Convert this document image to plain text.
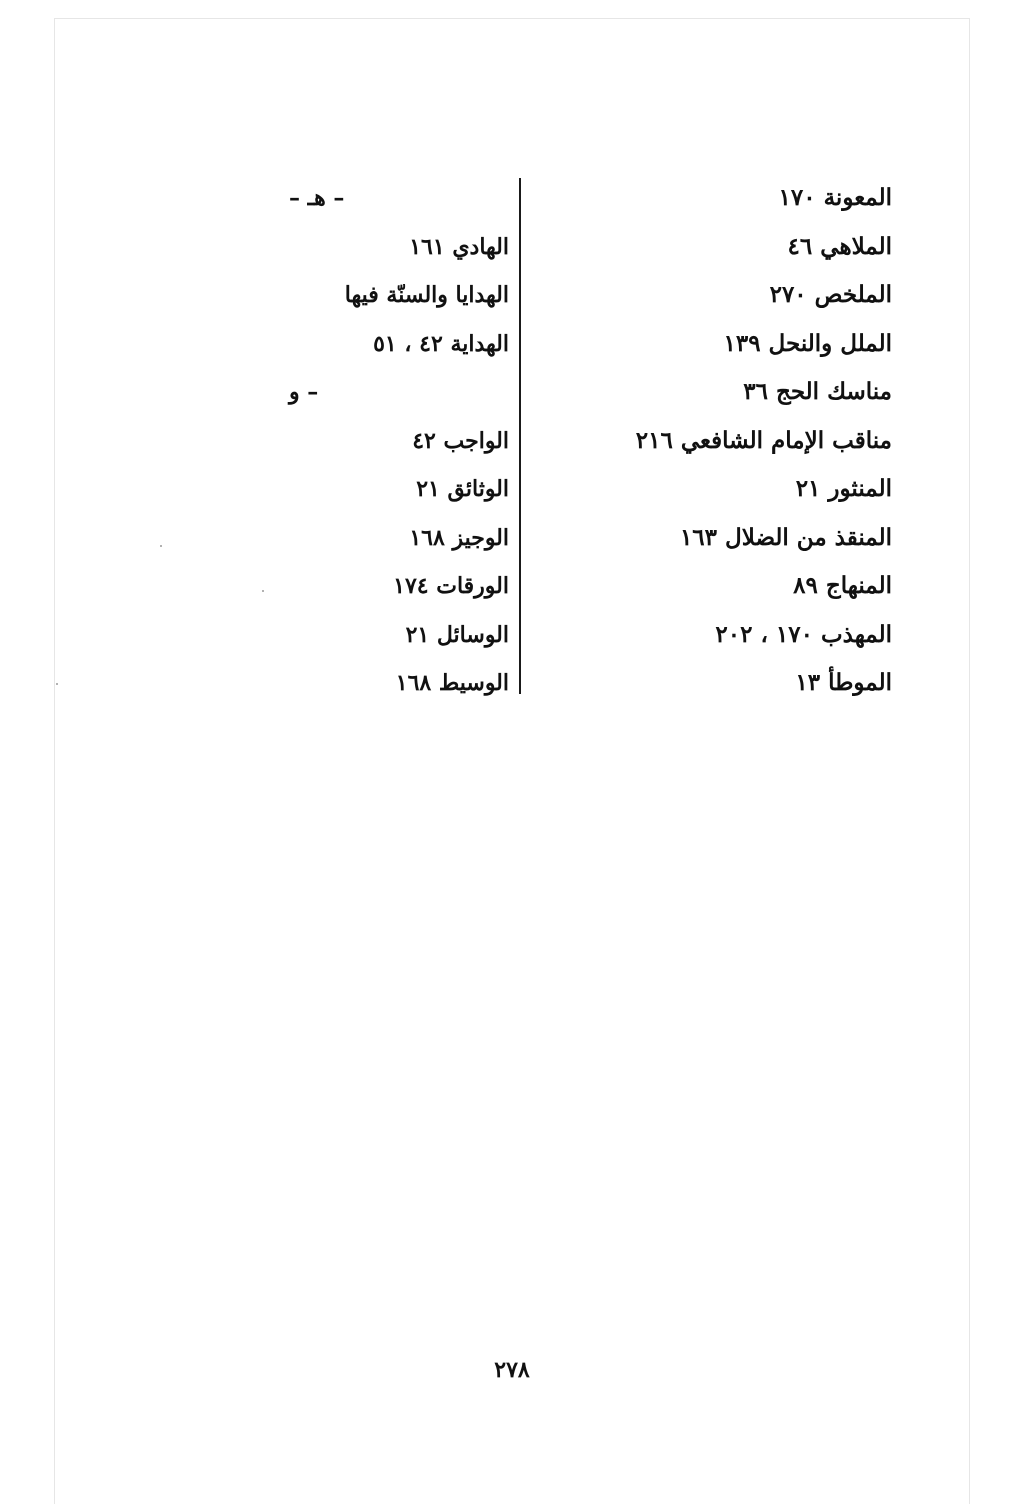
المعونة ١٧٠
الملاهي ٤٦
الملخص ٢٧٠
الملل والنحل ١٣٩
مناسك الحج ٣٦
مناقب الإمام الشافعي ٢١٦
المنثور ٢١
المنقذ من الضلال ١٦٣
المنهاج ٨٩
المهذب ١٧٠ ، ٢٠٢
الموطأ ١٣
– هـ –
الهادي ١٦١
الهدايا والسنّة فيها
الهداية ٤٢ ، ٥١
– و
الواجب ٤٢
الوثائق ٢١
الوجيز ١٦٨
الورقات ١٧٤
الوسائل ٢١
الوسيط ١٦٨
٢٧٨
